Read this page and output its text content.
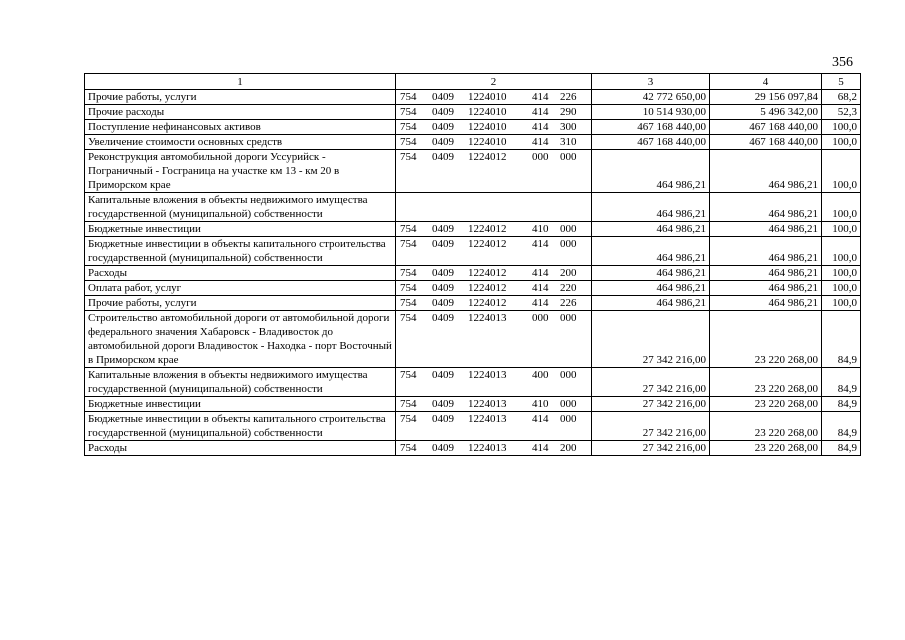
356
1	2	3	4	5
Прочие работы, услуги	754 0409 1224010 414 226	42 772 650,00	29 156 097,84	68,2
Прочие расходы	754 0409 1224010 414 290	10 514 930,00	5 496 342,00	52,3
Поступление нефинансовых активов	754 0409 1224010 414 300	467 168 440,00	467 168 440,00	100,0
Увеличение стоимости основных средств	754 0409 1224010 414 310	467 168 440,00	467 168 440,00	100,0
Реконструкция автомобильной дороги Уссурийск - Пограничный - Госграница на участке км 13 - км 20 в Приморском крае	754 0409 1224012 000 000	464 986,21	464 986,21	100,0
Капитальные вложения в объекты недвижимого имущества государственной (муниципальной) собственности		464 986,21	464 986,21	100,0
Бюджетные инвестиции	754 0409 1224012 410 000	464 986,21	464 986,21	100,0
Бюджетные инвестиции в объекты капитального строительства государственной (муниципальной) собственности	754 0409 1224012 414 000	464 986,21	464 986,21	100,0
Расходы	754 0409 1224012 414 200	464 986,21	464 986,21	100,0
Оплата работ, услуг	754 0409 1224012 414 220	464 986,21	464 986,21	100,0
Прочие работы, услуги	754 0409 1224012 414 226	464 986,21	464 986,21	100,0
Строительство автомобильной дороги от автомобильной дороги федерального значения Хабаровск - Владивосток до автомобильной дороги Владивосток - Находка - порт Восточный в Приморском крае	754 0409 1224013 000 000	27 342 216,00	23 220 268,00	84,9
Капитальные вложения в объекты недвижимого имущества государственной (муниципальной) собственности	754 0409 1224013 400 000	27 342 216,00	23 220 268,00	84,9
Бюджетные инвестиции	754 0409 1224013 410 000	27 342 216,00	23 220 268,00	84,9
Бюджетные инвестиции в объекты капитального строительства государственной (муниципальной) собственности	754 0409 1224013 414 000	27 342 216,00	23 220 268,00	84,9
Расходы	754 0409 1224013 414 200	27 342 216,00	23 220 268,00	84,9
